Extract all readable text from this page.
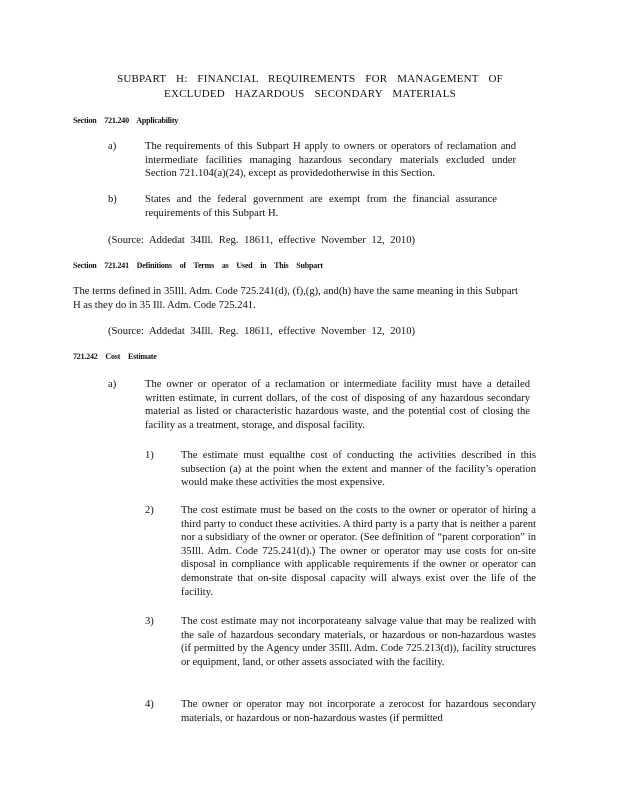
SUBPART H: FINANCIAL REQUIREMENTS FOR MANAGEMENT OF
EXCLUDED HAZARDOUS SECONDARY MATERIALS
Section 721.240 Applicability
a)	The requirements of this Subpart H apply to owners or operators of reclamation and intermediate facilities managing hazardous secondary materials excluded under Section 721.104(a)(24), except as providedotherwise in this Section.
b)	States and the federal government are exempt from the financial assurance requirements of this Subpart H.
(Source: Addedat 34Ill. Reg. 18611, effective November 12, 2010)
Section 721.241 Definitions of Terms as Used in This Subpart
The terms defined in 35Ill. Adm. Code 725.241(d), (f),(g), and(h) have the same meaning in this Subpart H as they do in 35 Ill. Adm. Code 725.241.
(Source: Addedat 34Ill. Reg. 18611, effective November 12, 2010)
721.242 Cost Estimate
a)	The owner or operator of a reclamation or intermediate facility must have a detailed written estimate, in current dollars, of the cost of disposing of any hazardous secondary material as listed or characteristic hazardous waste, and the potential cost of closing the facility as a treatment, storage, and disposal facility.
1)	The estimate must equalthe cost of conducting the activities described in this subsection (a) at the point when the extent and manner of the facility’s operation would make these activities the most expensive.
2)	The cost estimate must be based on the costs to the owner or operator of hiring a third party to conduct these activities. A third party is a party that is neither a parent nor a subsidiary of the owner or operator. (See definition of “parent corporation” in 35Ill. Adm. Code 725.241(d).) The owner or operator may use costs for on-site disposal in compliance with applicable requirements if the owner or operator can demonstrate that on-site disposal capacity will always exist over the life of the facility.
3)	The cost estimate may not incorporateany salvage value that may be realized with the sale of hazardous secondary materials, or hazardous or non-hazardous wastes (if permitted by the Agency under 35Ill. Adm. Code 725.213(d)), facility structures or equipment, land, or other assets associated with the facility.
4)	The owner or operator may not incorporate a zerocost for hazardous secondary materials, or hazardous or non-hazardous wastes (if permitted
